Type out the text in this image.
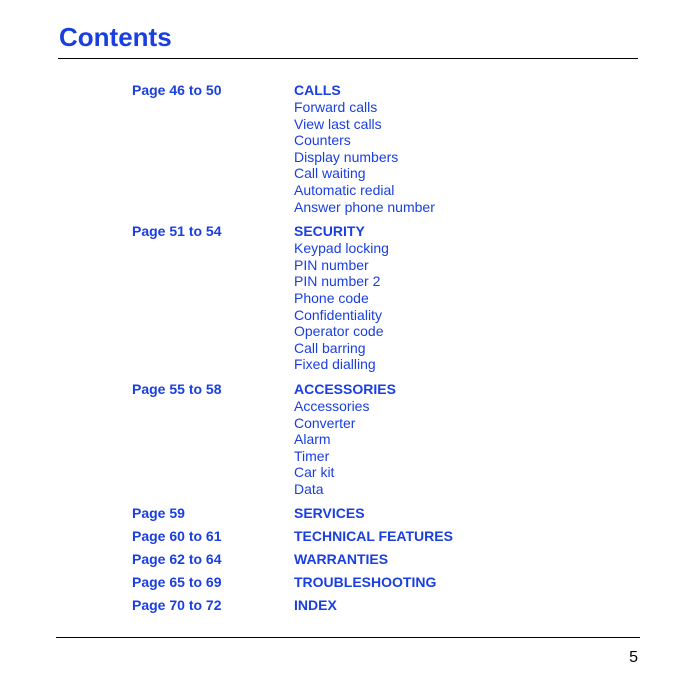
Contents
Page 46 to 50	CALLS
Forward calls
View last calls
Counters
Display numbers
Call waiting
Automatic redial
Answer phone number
Page 51 to 54	SECURITY
Keypad locking
PIN number
PIN number 2
Phone code
Confidentiality
Operator code
Call barring
Fixed dialling
Page 55 to 58	ACCESSORIES
Accessories
Converter
Alarm
Timer
Car kit
Data
Page 59	SERVICES
Page 60 to 61	TECHNICAL FEATURES
Page 62 to 64	WARRANTIES
Page 65 to 69	TROUBLESHOOTING
Page 70 to 72	INDEX
5
